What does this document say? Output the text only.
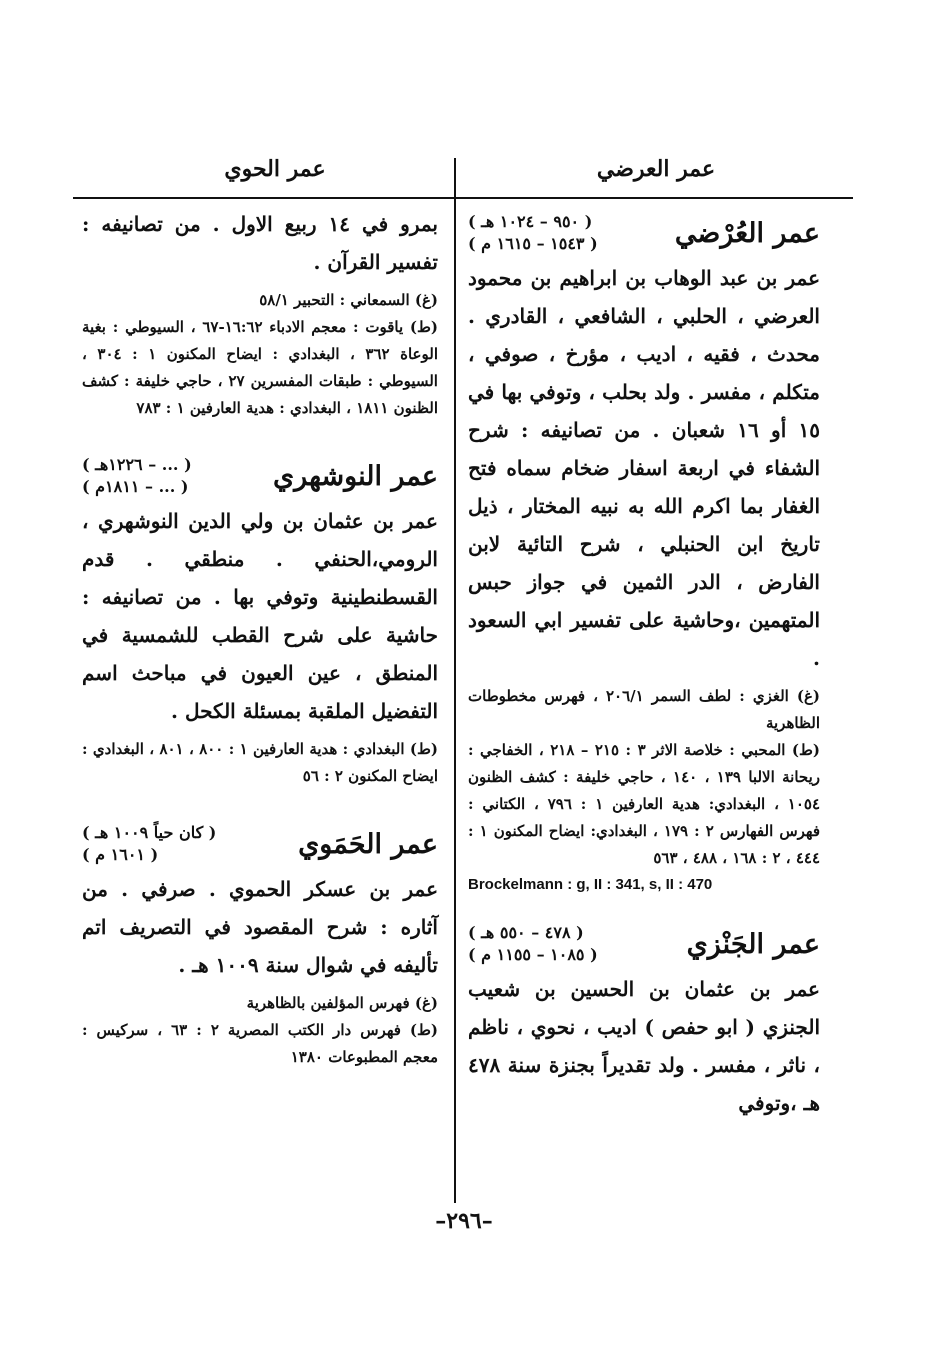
عمر العرضي
عمر الحوي
عمر العُرْضي
( ٩٥٠ – ١٠٢٤ هـ )
( ١٥٤٣ – ١٦١٥ م )
عمر بن عبد الوهاب بن ابراهيم بن محمود العرضي ، الحلبي ، الشافعي ، القادري . محدث ، فقيه ، اديب ، مؤرخ ، صوفي ، متكلم ، مفسر . ولد بحلب ، وتوفي بها في ١٥ أو ١٦ شعبان . من تصانيفه : شرح الشفاء في اربعة اسفار ضخام سماه فتح الغفار بما اكرم الله به نبيه المختار ، ذيل تاريخ ابن الحنبلي ، شرح التائية لابن الفارض ، الدر الثمين في جواز حبس المتهمين ،وحاشية على تفسير ابي السعود .
(غ) الغزي : لطف السمر ٢٠٦/١ ، فهرس مخطوطات الظاهرية
(ط) المحبي : خلاصة الاثر ٣ : ٢١٥ – ٢١٨ ، الخفاجي : ريحانة الالبا ١٣٩ ، ١٤٠ ، حاجي خليفة : كشف الظنون ١٠٥٤ ، البغدادي: هدية العارفين ١ : ٧٩٦ ، الكتاني : فهرس الفهارس ٢ : ١٧٩ ، البغدادي: ايضاح المكنون ١ : ٤٤٤ ، ٢ : ١٦٨ ، ٤٨٨ ، ٥٦٣
Brockelmann : g, II : 341, s, II : 470
عمر الجَنْزي
( ٤٧٨ – ٥٥٠ هـ )
( ١٠٨٥ – ١١٥٥ م )
عمر بن عثمان بن الحسين بن شعيب الجنزي ( ابو حفص ) اديب ، نحوي ، ناظم ، ناثر ، مفسر . ولد تقديراً بجنزة سنة ٤٧٨ هـ ،وتوفي
بمرو في ١٤ ربيع الاول . من تصانيفه : تفسير القرآن .
(غ) السمعاني : التحبير ٥٨/١
(ط) ياقوت : معجم الادباء ١٦:٦٢-٦٧ ، السيوطي : بغية الوعاة ٣٦٢ ، البغدادي : ايضاح المكنون ١ : ٣٠٤ ، السيوطي : طبقات المفسرين ٢٧ ، حاجي خليفة : كشف الظنون ١٨١١ ، البغدادي : هدية العارفين ١ : ٧٨٣
عمر النوشهري
( ... – ١٢٢٦هـ )
( ... – ١٨١١م )
عمر بن عثمان بن ولي الدين النوشهري ، الرومي،الحنفي . منطقي . قدم القسطنطينية وتوفي بها . من تصانيفه : حاشية على شرح القطب للشمسية في المنطق ، عين العيون في مباحث اسم التفضيل الملقبة بمسئلة الكحل .
(ط) البغدادي : هدية العارفين ١ : ٨٠٠ ، ٨٠١ ، البغدادي : ايضاح المكنون ٢ : ٥٦
عمر الحَمَوي
( كان حياً ١٠٠٩ هـ )
( ١٦٠١ م )
عمر بن عسكر الحموي . صرفي . من آثاره : شرح المقصود في التصريف اتم تأليفه في شوال سنة ١٠٠٩ هـ .
(غ) فهرس المؤلفين بالظاهرية
(ط) فهرس دار الكتب المصرية ٢ : ٦٣ ، سركيس : معجم المطبوعات ١٣٨٠
–٢٩٦–
